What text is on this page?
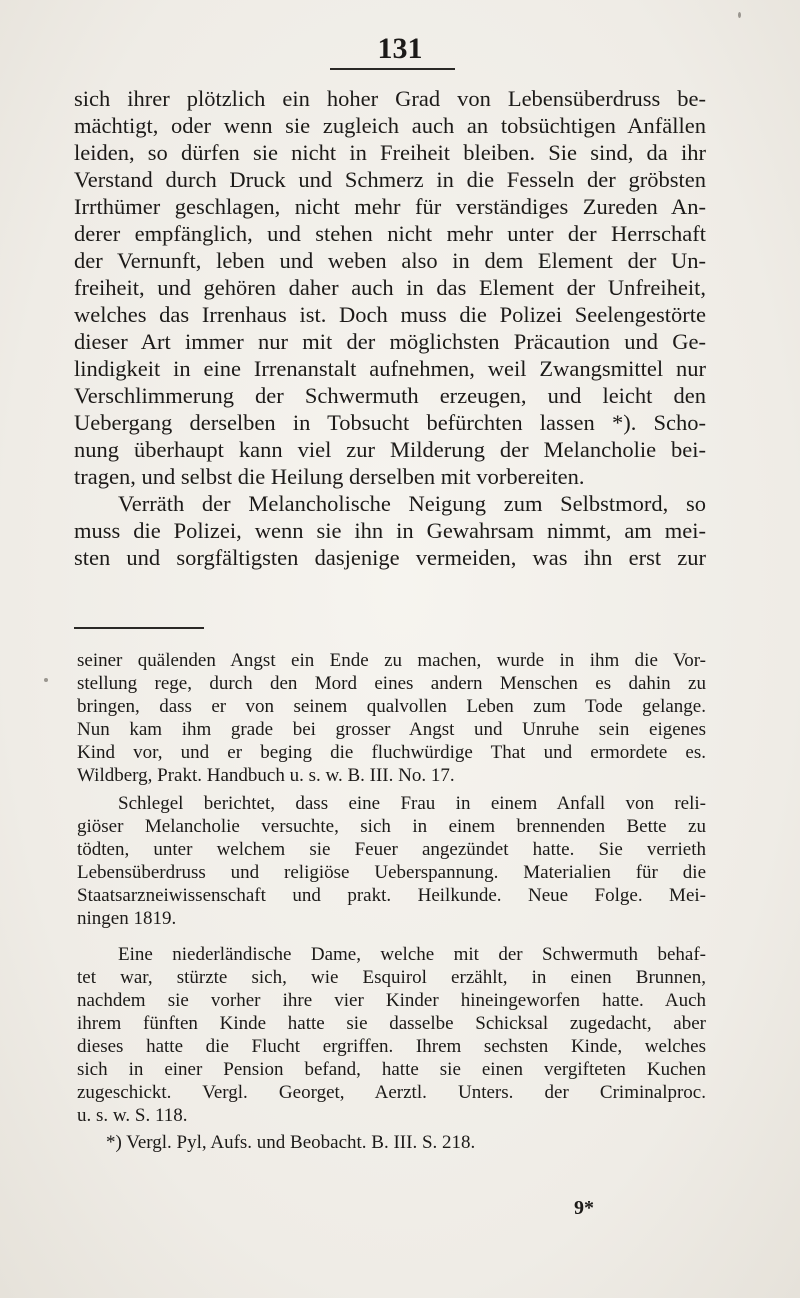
131
sich ihrer plötzlich ein hoher Grad von Lebensüberdruss be-
mächtigt, oder wenn sie zugleich auch an tobsüchtigen Anfällen
leiden, so dürfen sie nicht in Freiheit bleiben. Sie sind, da ihr
Verstand durch Druck und Schmerz in die Fesseln der gröbsten
Irrthümer geschlagen, nicht mehr für verständiges Zureden An-
derer empfänglich, und stehen nicht mehr unter der Herrschaft
der Vernunft, leben und weben also in dem Element der Un-
freiheit, und gehören daher auch in das Element der Unfreiheit,
welches das Irrenhaus ist. Doch muss die Polizei Seelengestörte
dieser Art immer nur mit der möglichsten Präcaution und Ge-
lindigkeit in eine Irrenanstalt aufnehmen, weil Zwangsmittel nur
Verschlimmerung der Schwermuth erzeugen, und leicht den
Uebergang derselben in Tobsucht befürchten lassen *). Scho-
nung überhaupt kann viel zur Milderung der Melancholie bei-
tragen, und selbst die Heilung derselben mit vorbereiten.
Verräth der Melancholische Neigung zum Selbstmord, so
muss die Polizei, wenn sie ihn in Gewahrsam nimmt, am mei-
sten und sorgfältigsten dasjenige vermeiden, was ihn erst zur
seiner quälenden Angst ein Ende zu machen, wurde in ihm die Vor-
stellung rege, durch den Mord eines andern Menschen es dahin zu
bringen, dass er von seinem qualvollen Leben zum Tode gelange.
Nun kam ihm grade bei grosser Angst und Unruhe sein eigenes
Kind vor, und er beging die fluchwürdige That und ermordete es.
Wildberg, Prakt. Handbuch u. s. w. B. III. No. 17.
Schlegel berichtet, dass eine Frau in einem Anfall von reli-
giöser Melancholie versuchte, sich in einem brennenden Bette zu
tödten, unter welchem sie Feuer angezündet hatte. Sie verrieth
Lebensüberdruss und religiöse Ueberspannung. Materialien für die
Staatsarzneiwissenschaft und prakt. Heilkunde. Neue Folge. Mei-
ningen 1819.
Eine niederländische Dame, welche mit der Schwermuth behaf-
tet war, stürzte sich, wie Esquirol erzählt, in einen Brunnen,
nachdem sie vorher ihre vier Kinder hineingeworfen hatte. Auch
ihrem fünften Kinde hatte sie dasselbe Schicksal zugedacht, aber
dieses hatte die Flucht ergriffen. Ihrem sechsten Kinde, welches
sich in einer Pension befand, hatte sie einen vergifteten Kuchen
zugeschickt. Vergl. Georget, Aerztl. Unters. der Criminalproc.
u. s. w. S. 118.
*) Vergl. Pyl, Aufs. und Beobacht. B. III. S. 218.
9*
